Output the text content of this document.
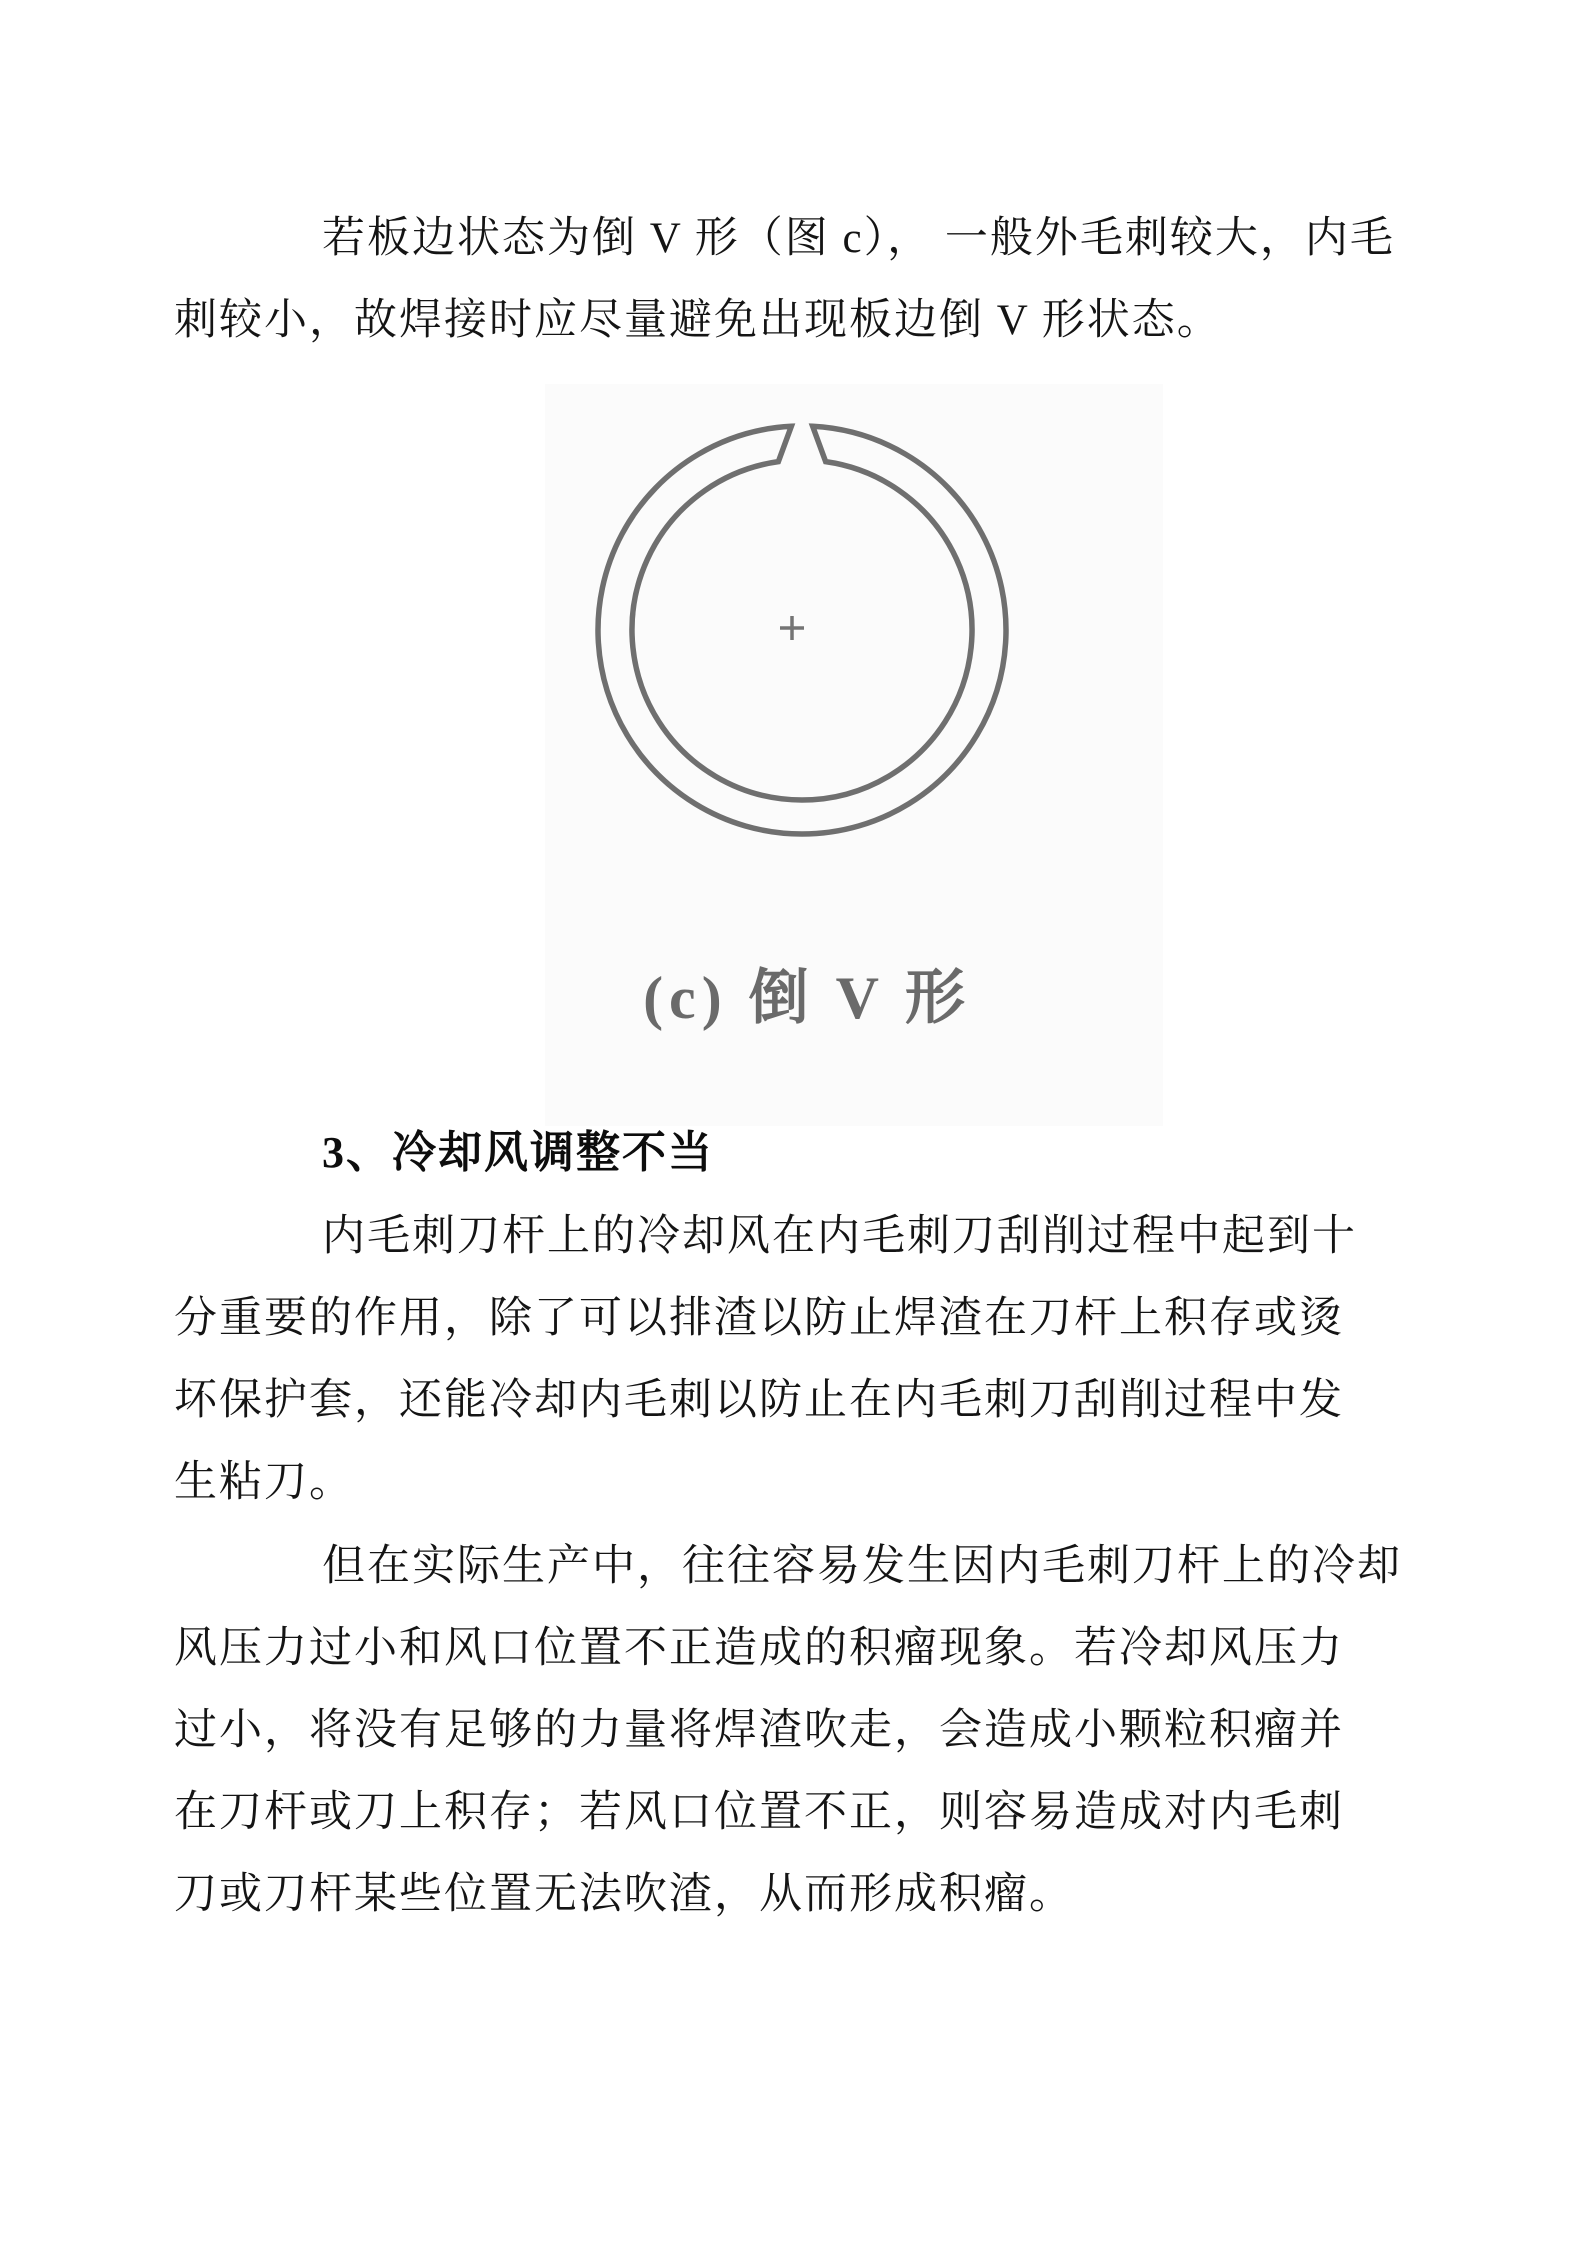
若板边状态为倒 V 形（图 c）， 一般外毛刺较大，内毛
刺较小，故焊接时应尽量避免出现板边倒 V 形状态。
(c) 倒 V 形
3、冷却风调整不当
内毛刺刀杆上的冷却风在内毛刺刀刮削过程中起到十
分重要的作用，除了可以排渣以防止焊渣在刀杆上积存或烫
坏保护套，还能冷却内毛刺以防止在内毛刺刀刮削过程中发
生粘刀。
但在实际生产中，往往容易发生因内毛刺刀杆上的冷却
风压力过小和风口位置不正造成的积瘤现象。若冷却风压力
过小，将没有足够的力量将焊渣吹走，会造成小颗粒积瘤并
在刀杆或刀上积存；若风口位置不正，则容易造成对内毛刺
刀或刀杆某些位置无法吹渣，从而形成积瘤。
